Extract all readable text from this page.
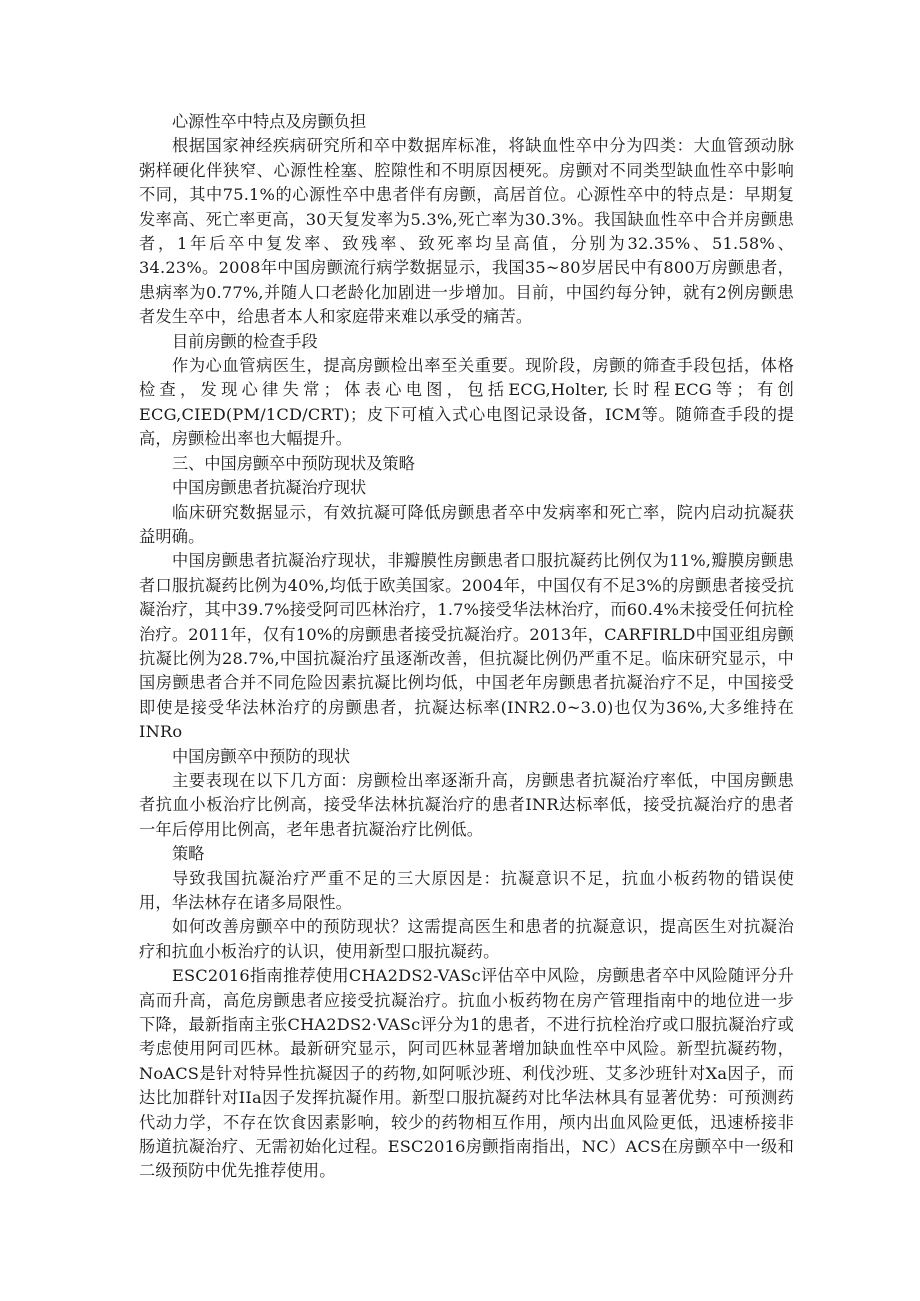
心源性卒中特点及房颤负担

根据国家神经疾病研究所和卒中数据库标准，将缺血性卒中分为四类：大血管颈动脉粥样硬化伴狭窄、心源性栓塞、腔隙性和不明原因梗死。房颤对不同类型缺血性卒中影响不同，其中75.1%的心源性卒中患者伴有房颤，高居首位。心源性卒中的特点是：早期复发率高、死亡率更高，30天复发率为5.3%,死亡率为30.3%。我国缺血性卒中合并房颤患者，1年后卒中复发率、致残率、致死率均呈高值，分别为32.35%、51.58%、34.23%。2008年中国房颤流行病学数据显示，我国35~80岁居民中有800万房颤患者，患病率为0.77%,并随人口老龄化加剧进一步增加。目前，中国约每分钟，就有2例房颤患者发生卒中，给患者本人和家庭带来难以承受的痛苦。

目前房颤的检查手段

作为心血管病医生，提高房颤检出率至关重要。现阶段，房颤的筛查手段包括，体格检查，发现心律失常；体表心电图，包括ECG,Holter,长时程ECG等；有创ECG,CIED(PM/1CD/CRT)；皮下可植入式心电图记录设备，ICM等。随筛查手段的提高，房颤检出率也大幅提升。

三、中国房颤卒中预防现状及策略

中国房颤患者抗凝治疗现状

临床研究数据显示，有效抗凝可降低房颤患者卒中发病率和死亡率，院内启动抗凝获益明确。

中国房颤患者抗凝治疗现状，非瓣膜性房颤患者口服抗凝药比例仅为11%,瓣膜房颤患者口服抗凝药比例为40%,均低于欧美国家。2004年，中国仅有不足3%的房颤患者接受抗凝治疗，其中39.7%接受阿司匹林治疗，1.7%接受华法林治疗，而60.4%未接受任何抗栓治疗。2011年，仅有10%的房颤患者接受抗凝治疗。2013年，CARFIRLD中国亚组房颤抗凝比例为28.7%,中国抗凝治疗虽逐渐改善，但抗凝比例仍严重不足。临床研究显示，中国房颤患者合并不同危险因素抗凝比例均低，中国老年房颤患者抗凝治疗不足，中国接受即使是接受华法林治疗的房颤患者，抗凝达标率(INR2.0~3.0)也仅为36%,大多维持在INRo

中国房颤卒中预防的现状

主要表现在以下几方面：房颤检出率逐渐升高，房颤患者抗凝治疗率低，中国房颤患者抗血小板治疗比例高，接受华法林抗凝治疗的患者INR达标率低，接受抗凝治疗的患者一年后停用比例高，老年患者抗凝治疗比例低。

策略

导致我国抗凝治疗严重不足的三大原因是：抗凝意识不足，抗血小板药物的错误使用，华法林存在诸多局限性。

如何改善房颤卒中的预防现状？这需提高医生和患者的抗凝意识，提高医生对抗凝治疗和抗血小板治疗的认识，使用新型口服抗凝药。

ESC2016指南推荐使用CHA2DS2-VASc评估卒中风险，房颤患者卒中风险随评分升高而升高，高危房颤患者应接受抗凝治疗。抗血小板药物在房产管理指南中的地位进一步下降，最新指南主张CHA2DS2·VASc评分为1的患者，不进行抗栓治疗或口服抗凝治疗或考虑使用阿司匹林。最新研究显示，阿司匹林显著增加缺血性卒中风险。新型抗凝药物，NoACS是针对特异性抗凝因子的药物,如阿哌沙班、利伐沙班、艾多沙班针对Xa因子，而达比加群针对IIa因子发挥抗凝作用。新型口服抗凝药对比华法林具有显著优势：可预测药代动力学，不存在饮食因素影响，较少的药物相互作用，颅内出血风险更低，迅速桥接非肠道抗凝治疗、无需初始化过程。ESC2016房颤指南指出，NC）ACS在房颤卒中一级和二级预防中优先推荐使用。
